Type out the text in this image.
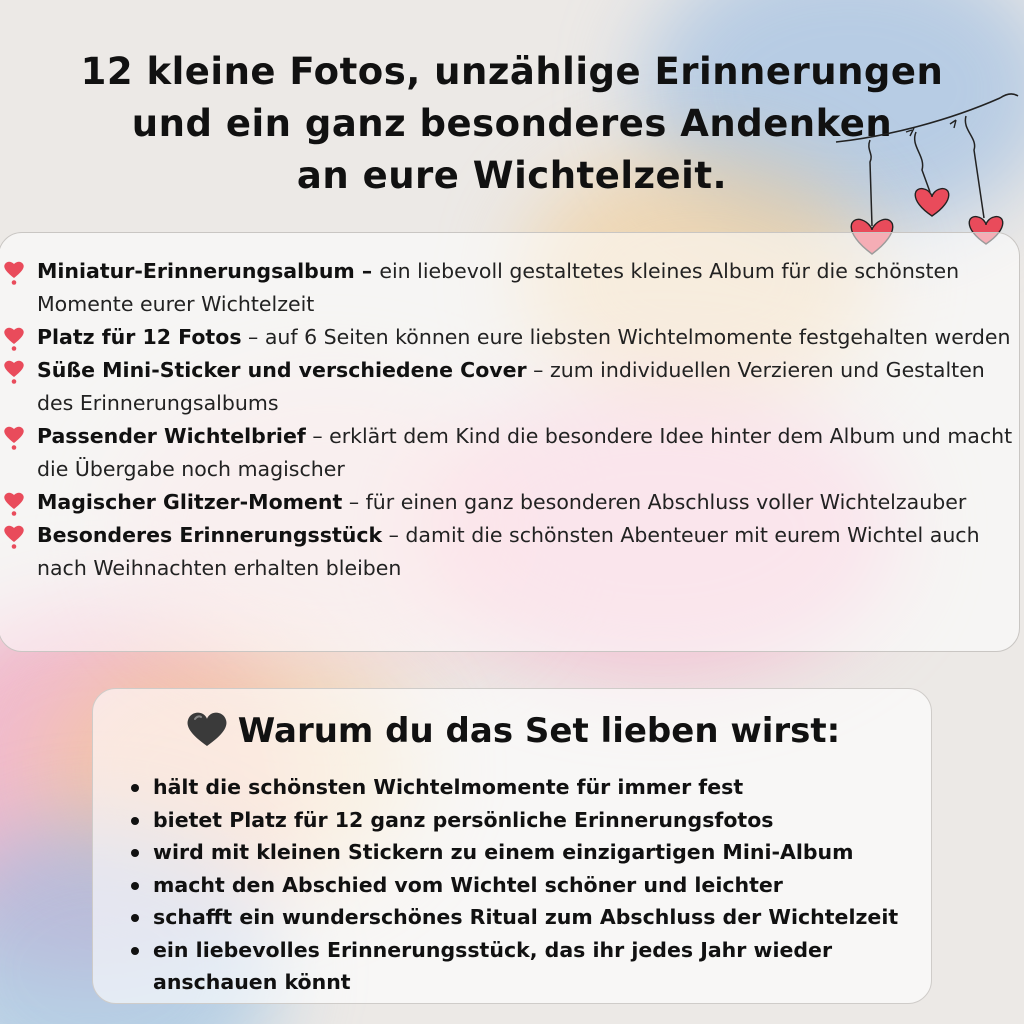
12 kleine Fotos, unzählige Erinnerungen
und ein ganz besonderes Andenken
an eure Wichtelzeit.
Miniatur-Erinnerungsalbum – ein liebevoll gestaltetes kleines Album für die schönsten Momente eurer Wichtelzeit
Platz für 12 Fotos – auf 6 Seiten können eure liebsten Wichtelmomente festgehalten werden
Süße Mini-Sticker und verschiedene Cover – zum individuellen Verzieren und Gestalten des Erinnerungsalbums
Passender Wichtelbrief – erklärt dem Kind die besondere Idee hinter dem Album und macht die Übergabe noch magischer
Magischer Glitzer-Moment – für einen ganz besonderen Abschluss voller Wichtelzauber
Besonderes Erinnerungsstück – damit die schönsten Abenteuer mit eurem Wichtel auch nach Weihnachten erhalten bleiben
Warum du das Set lieben wirst:
hält die schönsten Wichtelmomente für immer fest
bietet Platz für 12 ganz persönliche Erinnerungsfotos
wird mit kleinen Stickern zu einem einzigartigen Mini-Album
macht den Abschied vom Wichtel schöner und leichter
schafft ein wunderschönes Ritual zum Abschluss der Wichtelzeit
ein liebevolles Erinnerungsstück, das ihr jedes Jahr wieder anschauen könnt
